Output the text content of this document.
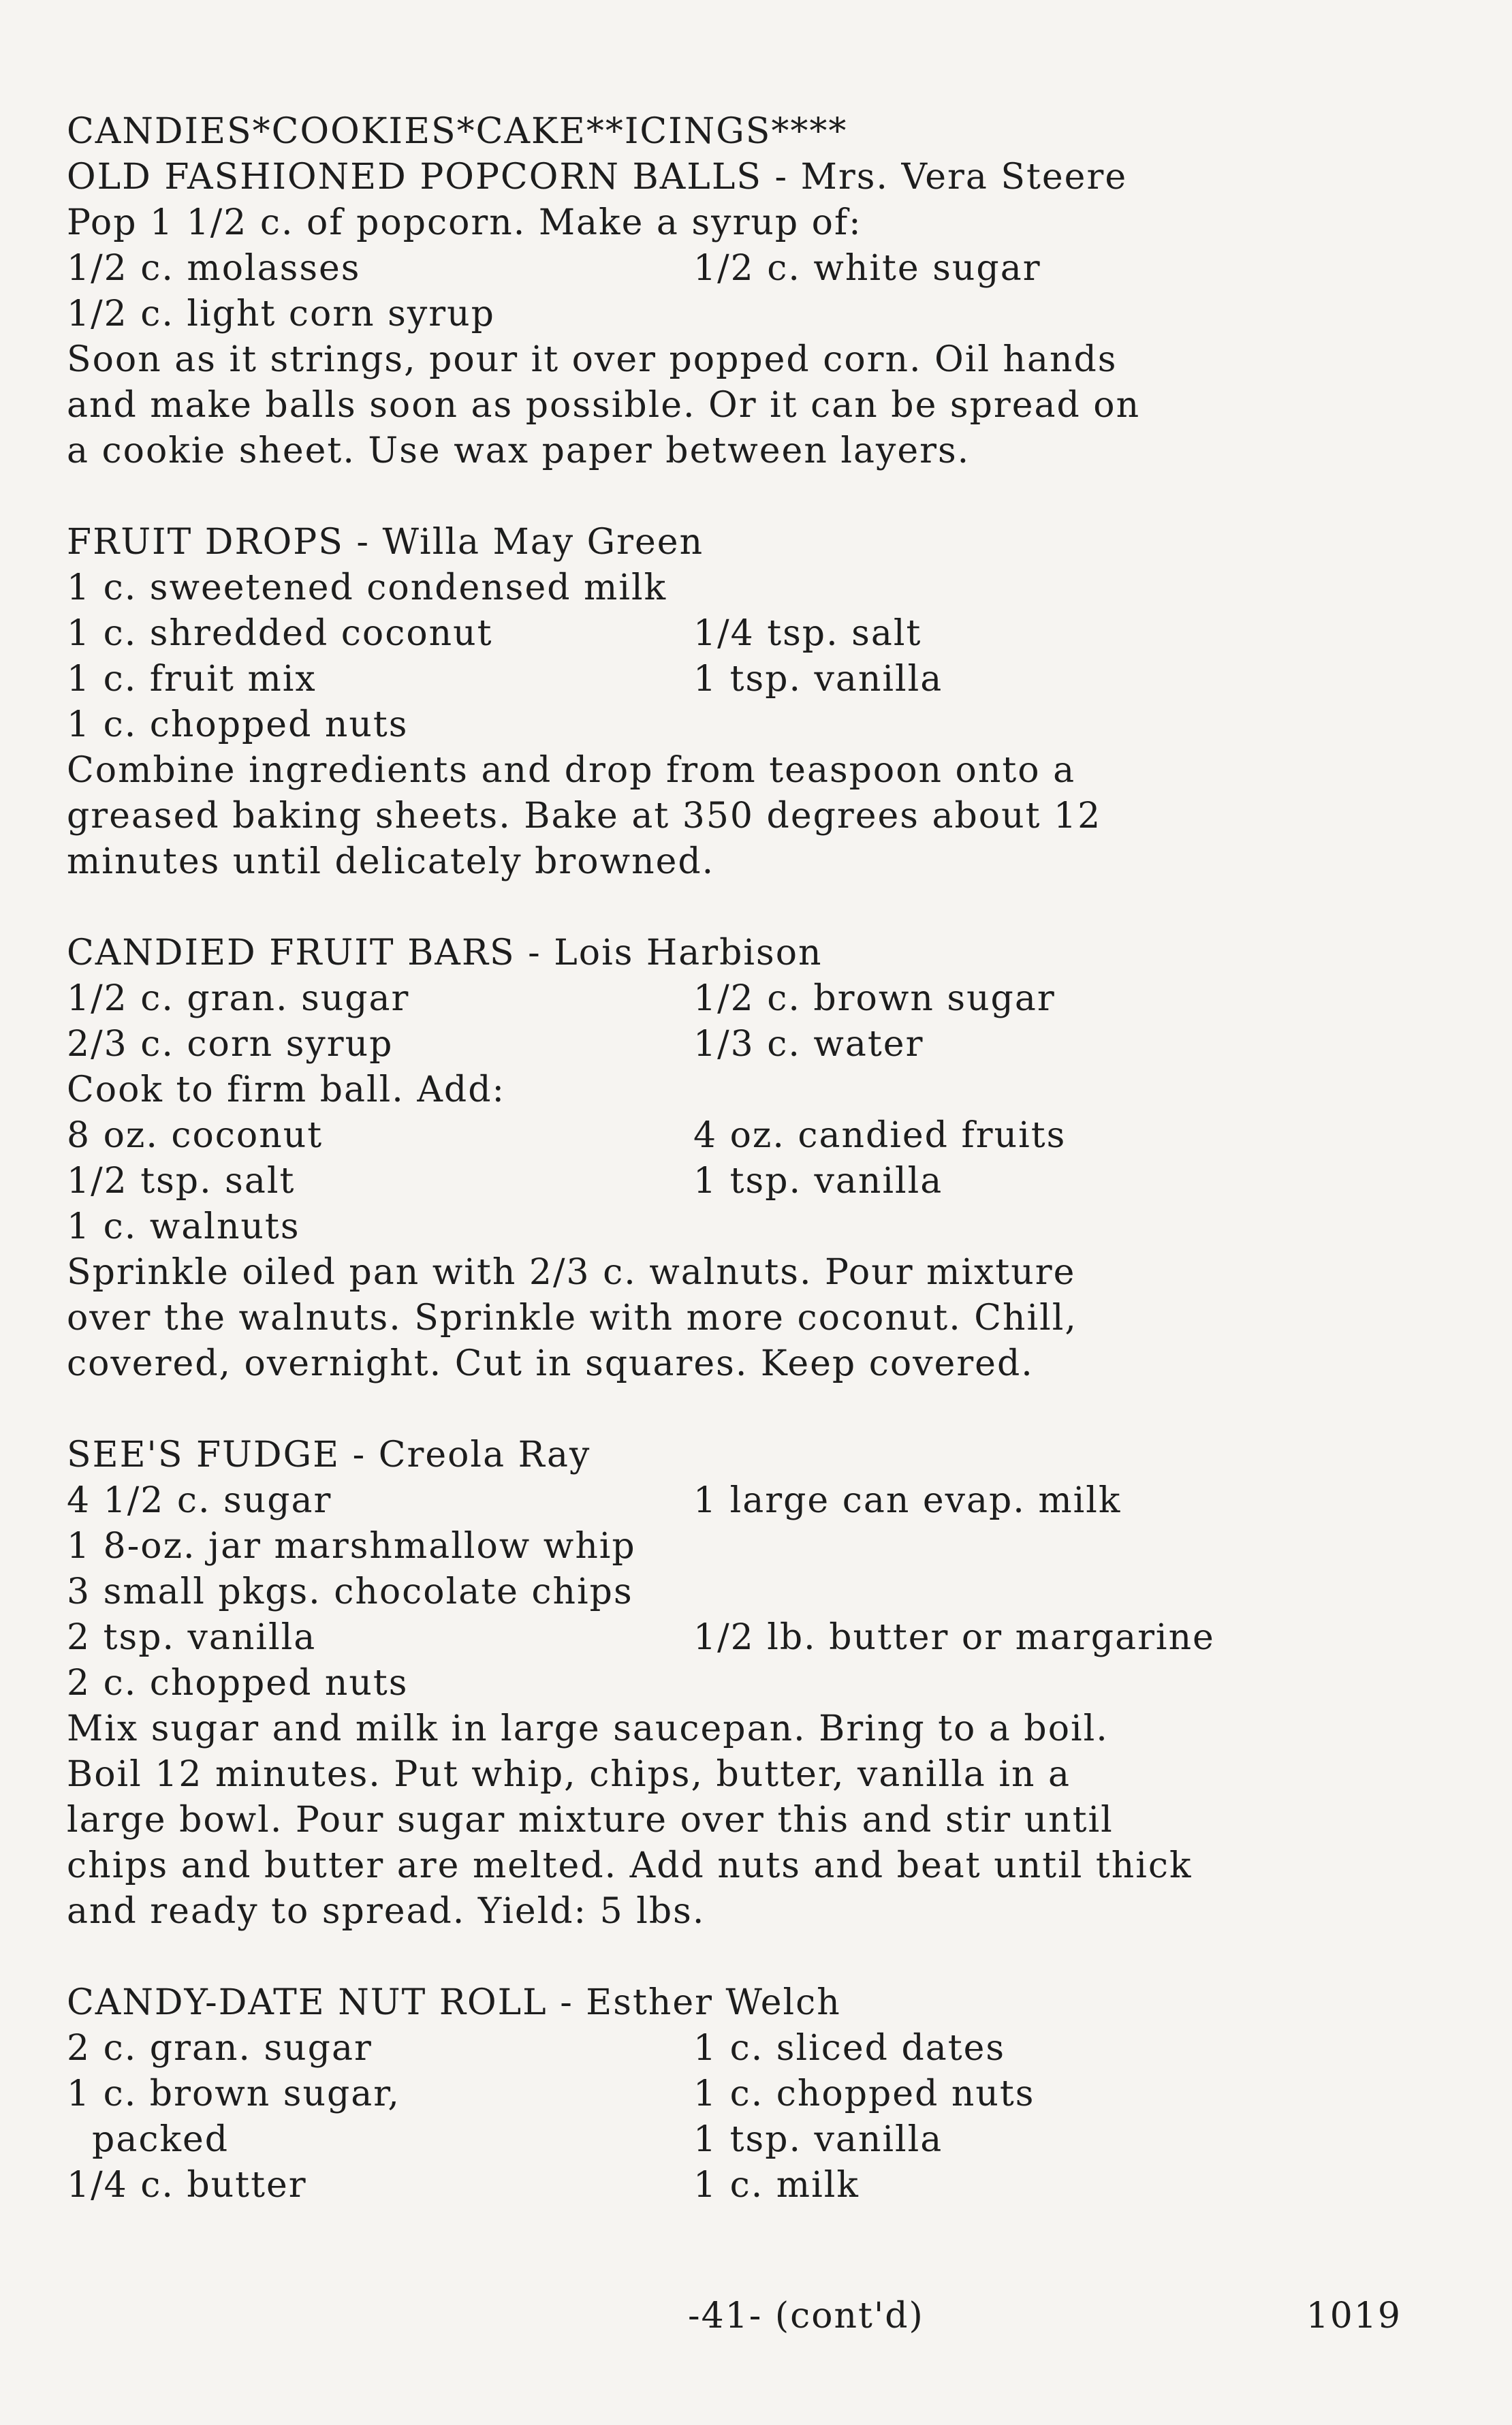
CANDIES*COOKIES*CAKE**ICINGS****
OLD FASHIONED POPCORN BALLS - Mrs. Vera Steere
Pop 1 1/2 c. of popcorn. Make a syrup of:
1/2 c. molasses	1/2 c. white sugar
1/2 c. light corn syrup
Soon as it strings, pour it over popped corn. Oil hands
and make balls soon as possible. Or it can be spread on
a cookie sheet. Use wax paper between layers.
FRUIT DROPS - Willa May Green
1 c. sweetened condensed milk
1 c. shredded coconut	1/4 tsp. salt
1 c. fruit mix	1 tsp. vanilla
1 c. chopped nuts
Combine ingredients and drop from teaspoon onto a
greased baking sheets. Bake at 350 degrees about 12
minutes until delicately browned.
CANDIED FRUIT BARS - Lois Harbison
1/2 c. gran. sugar	1/2 c. brown sugar
2/3 c. corn syrup	1/3 c. water
Cook to firm ball. Add:
8 oz. coconut	4 oz. candied fruits
1/2 tsp. salt	1 tsp. vanilla
1 c. walnuts
Sprinkle oiled pan with 2/3 c. walnuts. Pour mixture
over the walnuts. Sprinkle with more coconut. Chill,
covered, overnight. Cut in squares. Keep covered.
SEE'S FUDGE - Creola Ray
4 1/2 c. sugar	1 large can evap. milk
1 8-oz. jar marshmallow whip
3 small pkgs. chocolate chips
2 tsp. vanilla	1/2 lb. butter or margarine
2 c. chopped nuts
Mix sugar and milk in large saucepan. Bring to a boil.
Boil 12 minutes. Put whip, chips, butter, vanilla in a
large bowl. Pour sugar mixture over this and stir until
chips and butter are melted. Add nuts and beat until thick
and ready to spread. Yield: 5 lbs.
CANDY-DATE NUT ROLL - Esther Welch
2 c. gran. sugar	1 c. sliced dates
1 c. brown sugar,	1 c. chopped nuts
packed	1 tsp. vanilla
1/4 c. butter	1 c. milk
-41- (cont'd)	1019
